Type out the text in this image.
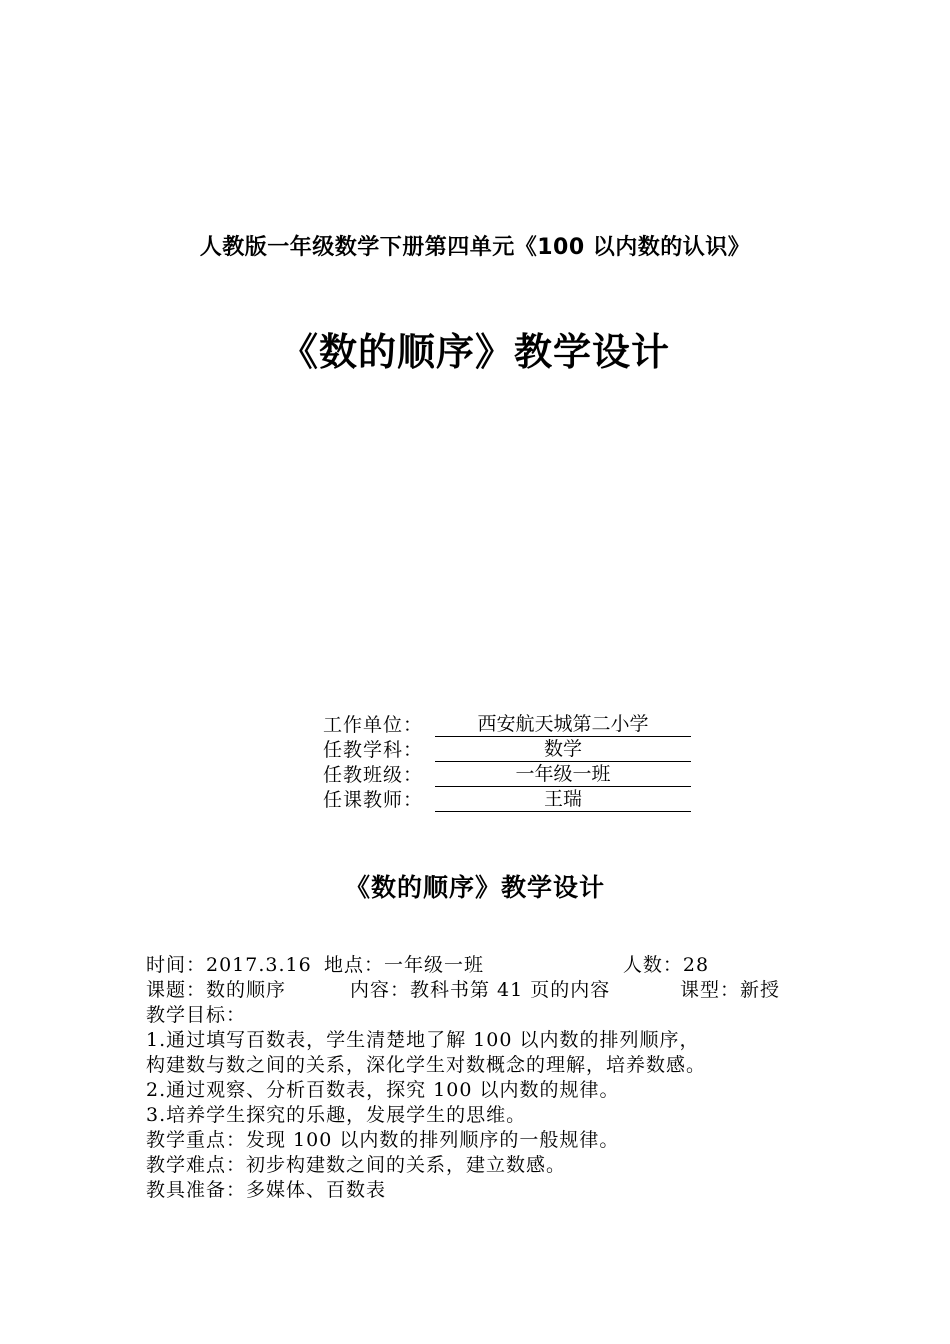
人教版一年级数学下册第四单元《100 以内数的认识》
《数的顺序》教学设计
工作单位：	西安航天城第二小学
任教学科：	数学
任教班级：	一年级一班
任课教师：	王瑞
《数的顺序》教学设计
时间：2017.3.16 地点：一年级一班	人数：28
课题：数的顺序	内容：教科书第 41 页的内容	课型：新授
教学目标：
1.通过填写百数表，学生清楚地了解 100 以内数的排列顺序，
构建数与数之间的关系，深化学生对数概念的理解，培养数感。
2.通过观察、分析百数表，探究 100 以内数的规律。
3.培养学生探究的乐趣，发展学生的思维。
教学重点：发现 100 以内数的排列顺序的一般规律。
教学难点：初步构建数之间的关系，建立数感。
教具准备：多媒体、百数表
